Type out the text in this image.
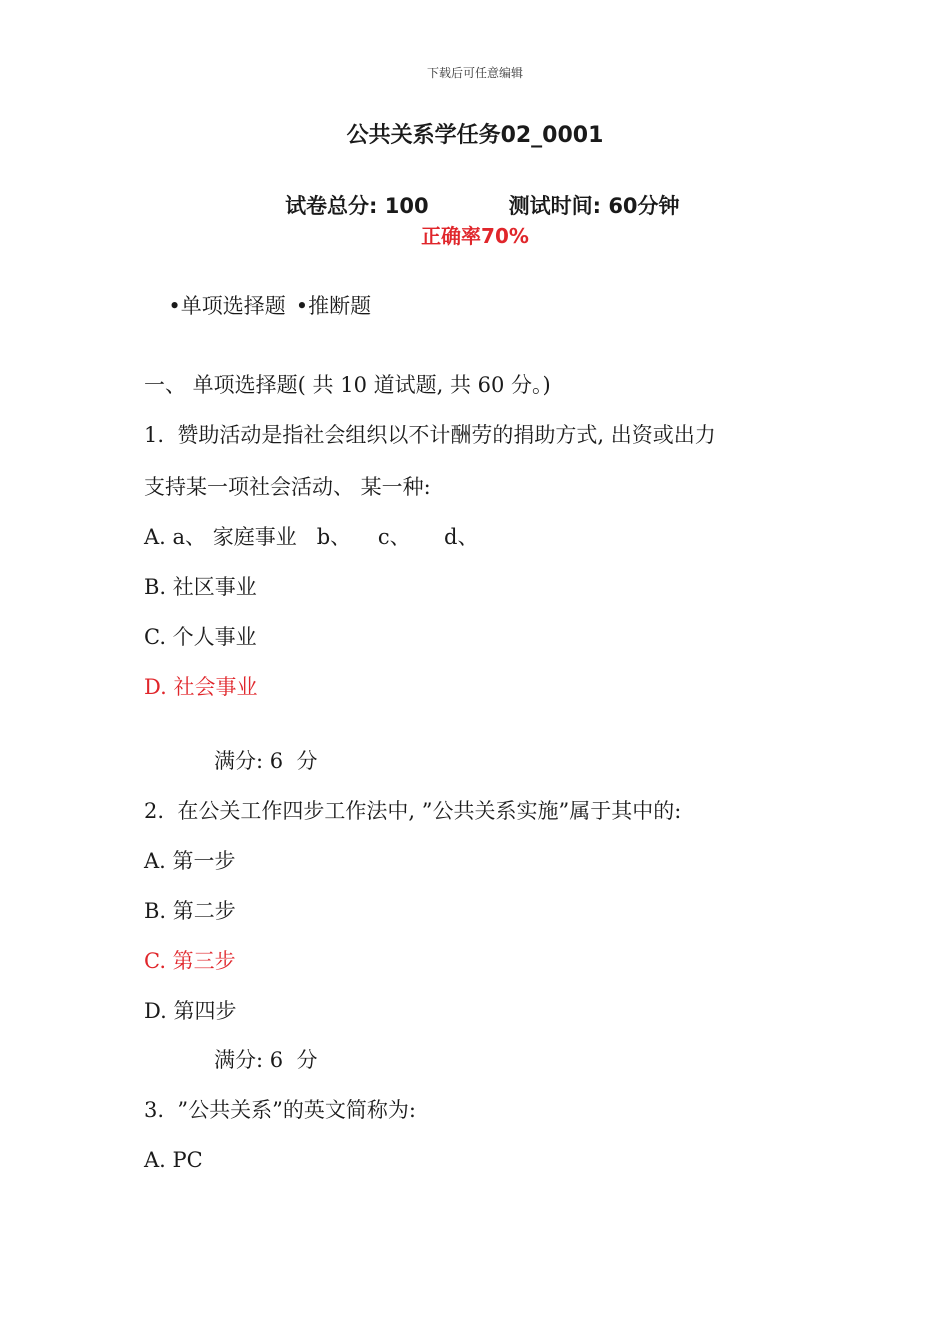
下载后可任意编辑
公共关系学任务02_0001

试卷总分: 100	测试时间: 60分钟

正确率70%

•单项选择题 •推断题

一、 单项选择题( 共 10 道试题, 共 60 分。)
1.  赞助活动是指社会组织以不计酬劳的捐助方式, 出资或出力
支持某一项社会活动、 某一种:
A. a、 家庭事业   b、    c、     d、
B. 社区事业
C. 个人事业
D. 社会事业
满分: 6  分
2.  在公关工作四步工作法中, ”公共关系实施”属于其中的:
A. 第一步
B. 第二步
C. 第三步
D. 第四步
满分: 6  分
3.  ”公共关系”的英文简称为:
A. PC
